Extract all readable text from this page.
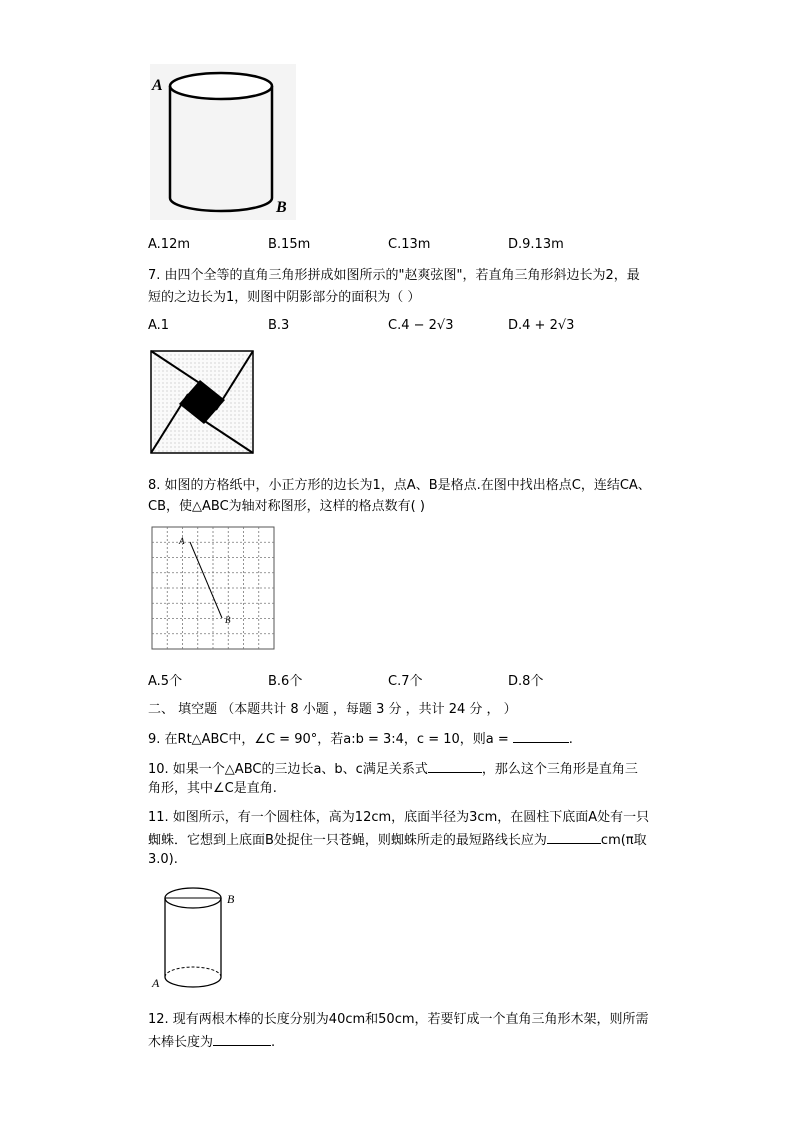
A
B
A.12m	B.15m	C.13m	D.9.13m
7. 由四个全等的直角三角形拼成如图所示的"赵爽弦图"，若直角三角形斜边长为2，最
短的之边长为1，则图中阴影部分的面积为（ ）
A.1	B.3	C.4 − 2√3	D.4 + 2√3
8. 如图的方格纸中，小正方形的边长为1，点A、B是格点.在图中找出格点C，连结CA、
CB，使△ABC为轴对称图形，这样的格点数有( )
A
B
A.5个	B.6个	C.7个	D.8个
二、 填空题 （本题共计 8 小题 ，每题 3 分 ，共计 24 分 ， ）
9. 在Rt△ABC中，∠C = 90°，若a:b = 3:4，c = 10，则a =	.
10. 如果一个△ABC的三边长a、b、c满足关系式	，那么这个三角形是直角三
角形，其中∠C是直角.
11. 如图所示，有一个圆柱体，高为12cm，底面半径为3cm，在圆柱下底面A处有一只
蜘蛛．它想到上底面B处捉住一只苍蝇，则蜘蛛所走的最短路线长应为	cm(π取
3.0).
B
A
12. 现有两根木棒的长度分别为40cm和50cm，若要钉成一个直角三角形木架，则所需
木棒长度为	.
